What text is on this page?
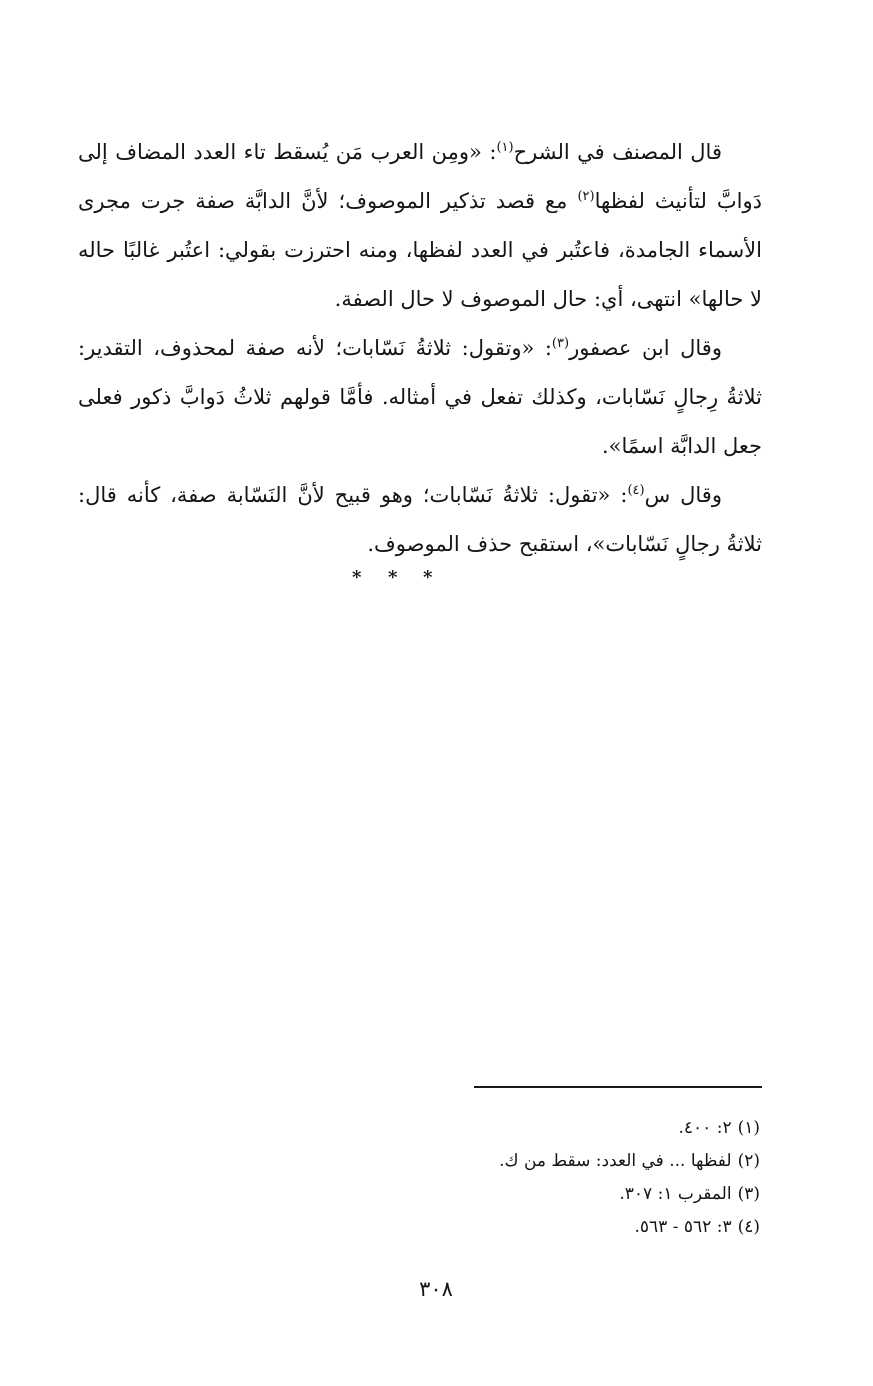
قال المصنف في الشرح$^{(١)}$: «ومِن العرب مَن يُسقط تاء العدد المضاف إلى دَوابَّ لتأنيث لفظها$^{(٢)}$ مع قصد تذكير الموصوف؛ لأنَّ الدابَّة صفة جرت مجرى الأسماء الجامدة، فاعتُبر في العدد لفظها، ومنه احترزت بقولي: اعتُبر غالبًا حاله لا حالها» انتهى، أي: حال الموصوف لا حال الصفة.

وقال ابن عصفور$^{(٣)}$: «وتقول: ثلاثةُ نَسّابات؛ لأنه صفة لمحذوف، التقدير: ثلاثةُ رِجالٍ نَسّابات، وكذلك تفعل في أمثاله. فأمَّا قولهم ثلاثُ دَوابَّ ذكور فعلى جعل الدابَّة اسمًا».

وقال س$^{(٤)}$: «تقول: ثلاثةُ نَسّابات؛ وهو قبيح لأنَّ النَسّابة صفة، كأنه قال: ثلاثةُ رجالٍ نَسّابات»، استقبح حذف الموصوف.

* * *
(١)٢: ٤٠٠.
(٢)لفظها ... في العدد: سقط من ك.
(٣)المقرب ١: ٣٠٧.
(٤)٣: ٥٦٢ - ٥٦٣.
٣٠٨
